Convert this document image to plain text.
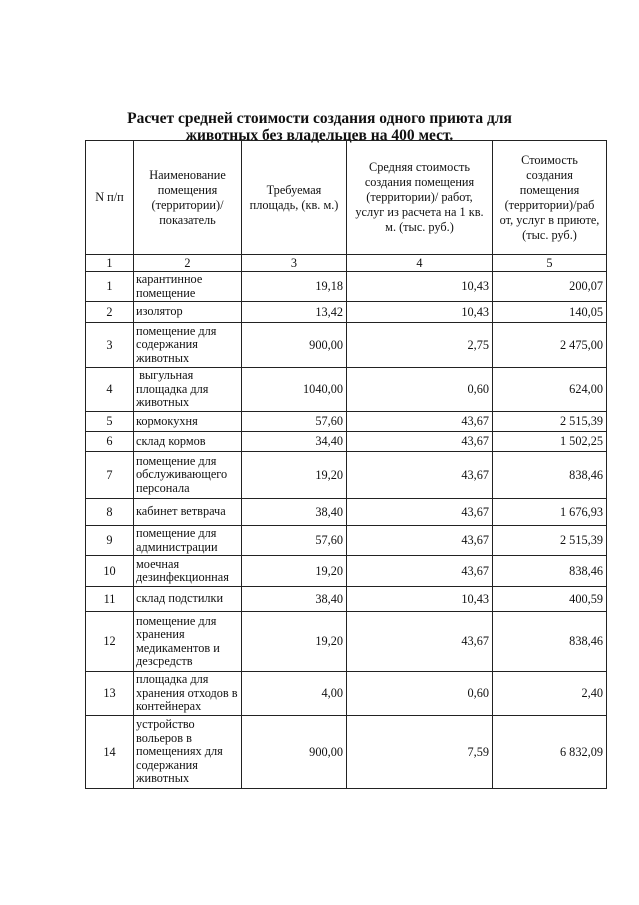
Расчет средней стоимости создания одного приюта для
животных без владельцев на 400 мест.
N п/п	Наименование помещения (территории)/ показатель	Требуемая площадь, (кв. м.)	Средняя стоимость создания помещения (территории)/ работ, услуг из расчета на 1 кв. м. (тыс. руб.)	Стоимость создания помещения (территории)/раб от, услуг в приюте, (тыс. руб.)
1	2	3	4	5
1	карантинное помещение	19,18	10,43	200,07
2	изолятор	13,42	10,43	140,05
3	помещение для содержания животных	900,00	2,75	2 475,00
4	выгульная площадка для животных	1040,00	0,60	624,00
5	кормокухня	57,60	43,67	2 515,39
6	склад кормов	34,40	43,67	1 502,25
7	помещение для обслуживающего персонала	19,20	43,67	838,46
8	кабинет ветврача	38,40	43,67	1 676,93
9	помещение для администрации	57,60	43,67	2 515,39
10	моечная дезинфекционная	19,20	43,67	838,46
11	склад подстилки	38,40	10,43	400,59
12	помещение для хранения медикаментов и дезсредств	19,20	43,67	838,46
13	площадка для хранения отходов в контейнерах	4,00	0,60	2,40
14	устройство вольеров в помещениях для содержания животных	900,00	7,59	6 832,09
